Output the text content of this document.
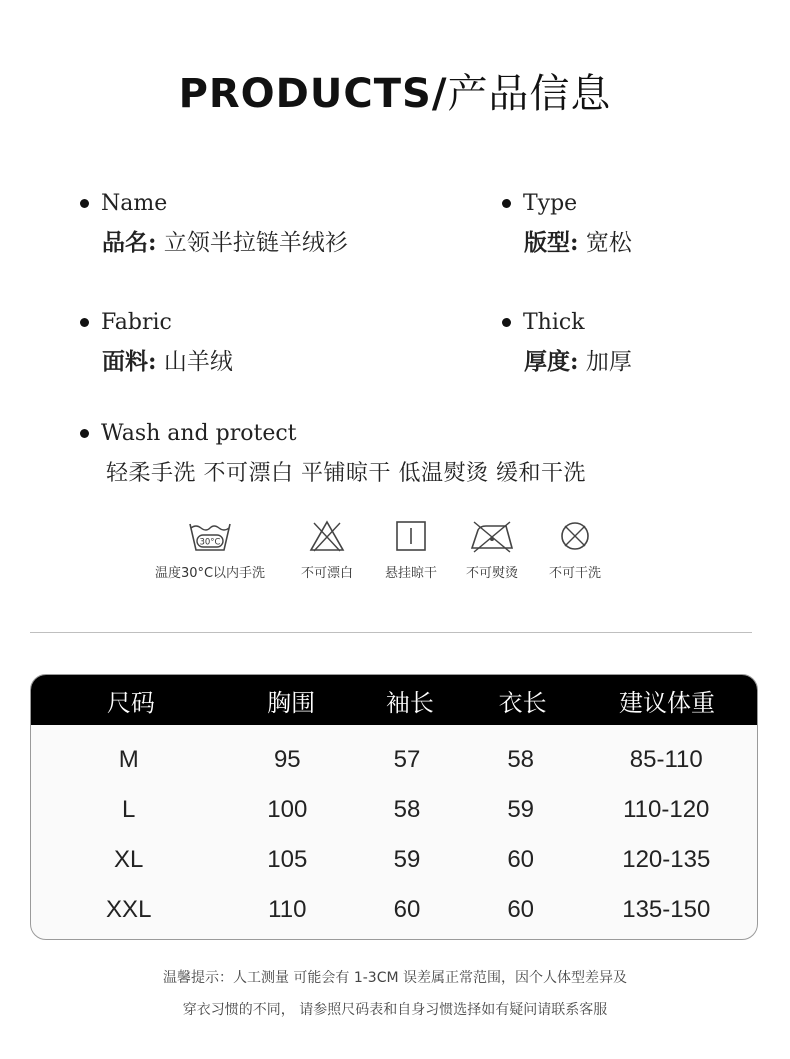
PRODUCTS/产品信息
Name
品名: 立领半拉链羊绒衫
Type
版型: 宽松
Fabric
面料: 山羊绒
Thick
厚度: 加厚
Wash and protect
轻柔手洗 不可漂白 平铺晾干 低温熨烫 缓和干洗
30°C
温度30°C以内手洗	不可漂白	悬挂晾干	不可熨烫	不可干洗
尺码	胸围	袖长	衣长	建议体重
M	95	57	58	85-110
L	100	58	59	110-120
XL	105	59	60	120-135
XXL	110	60	60	135-150
温馨提示：人工测量 可能会有 1-3CM 误差属正常范围，因个人体型差异及
穿衣习惯的不同， 请参照尺码表和自身习惯选择如有疑问请联系客服
